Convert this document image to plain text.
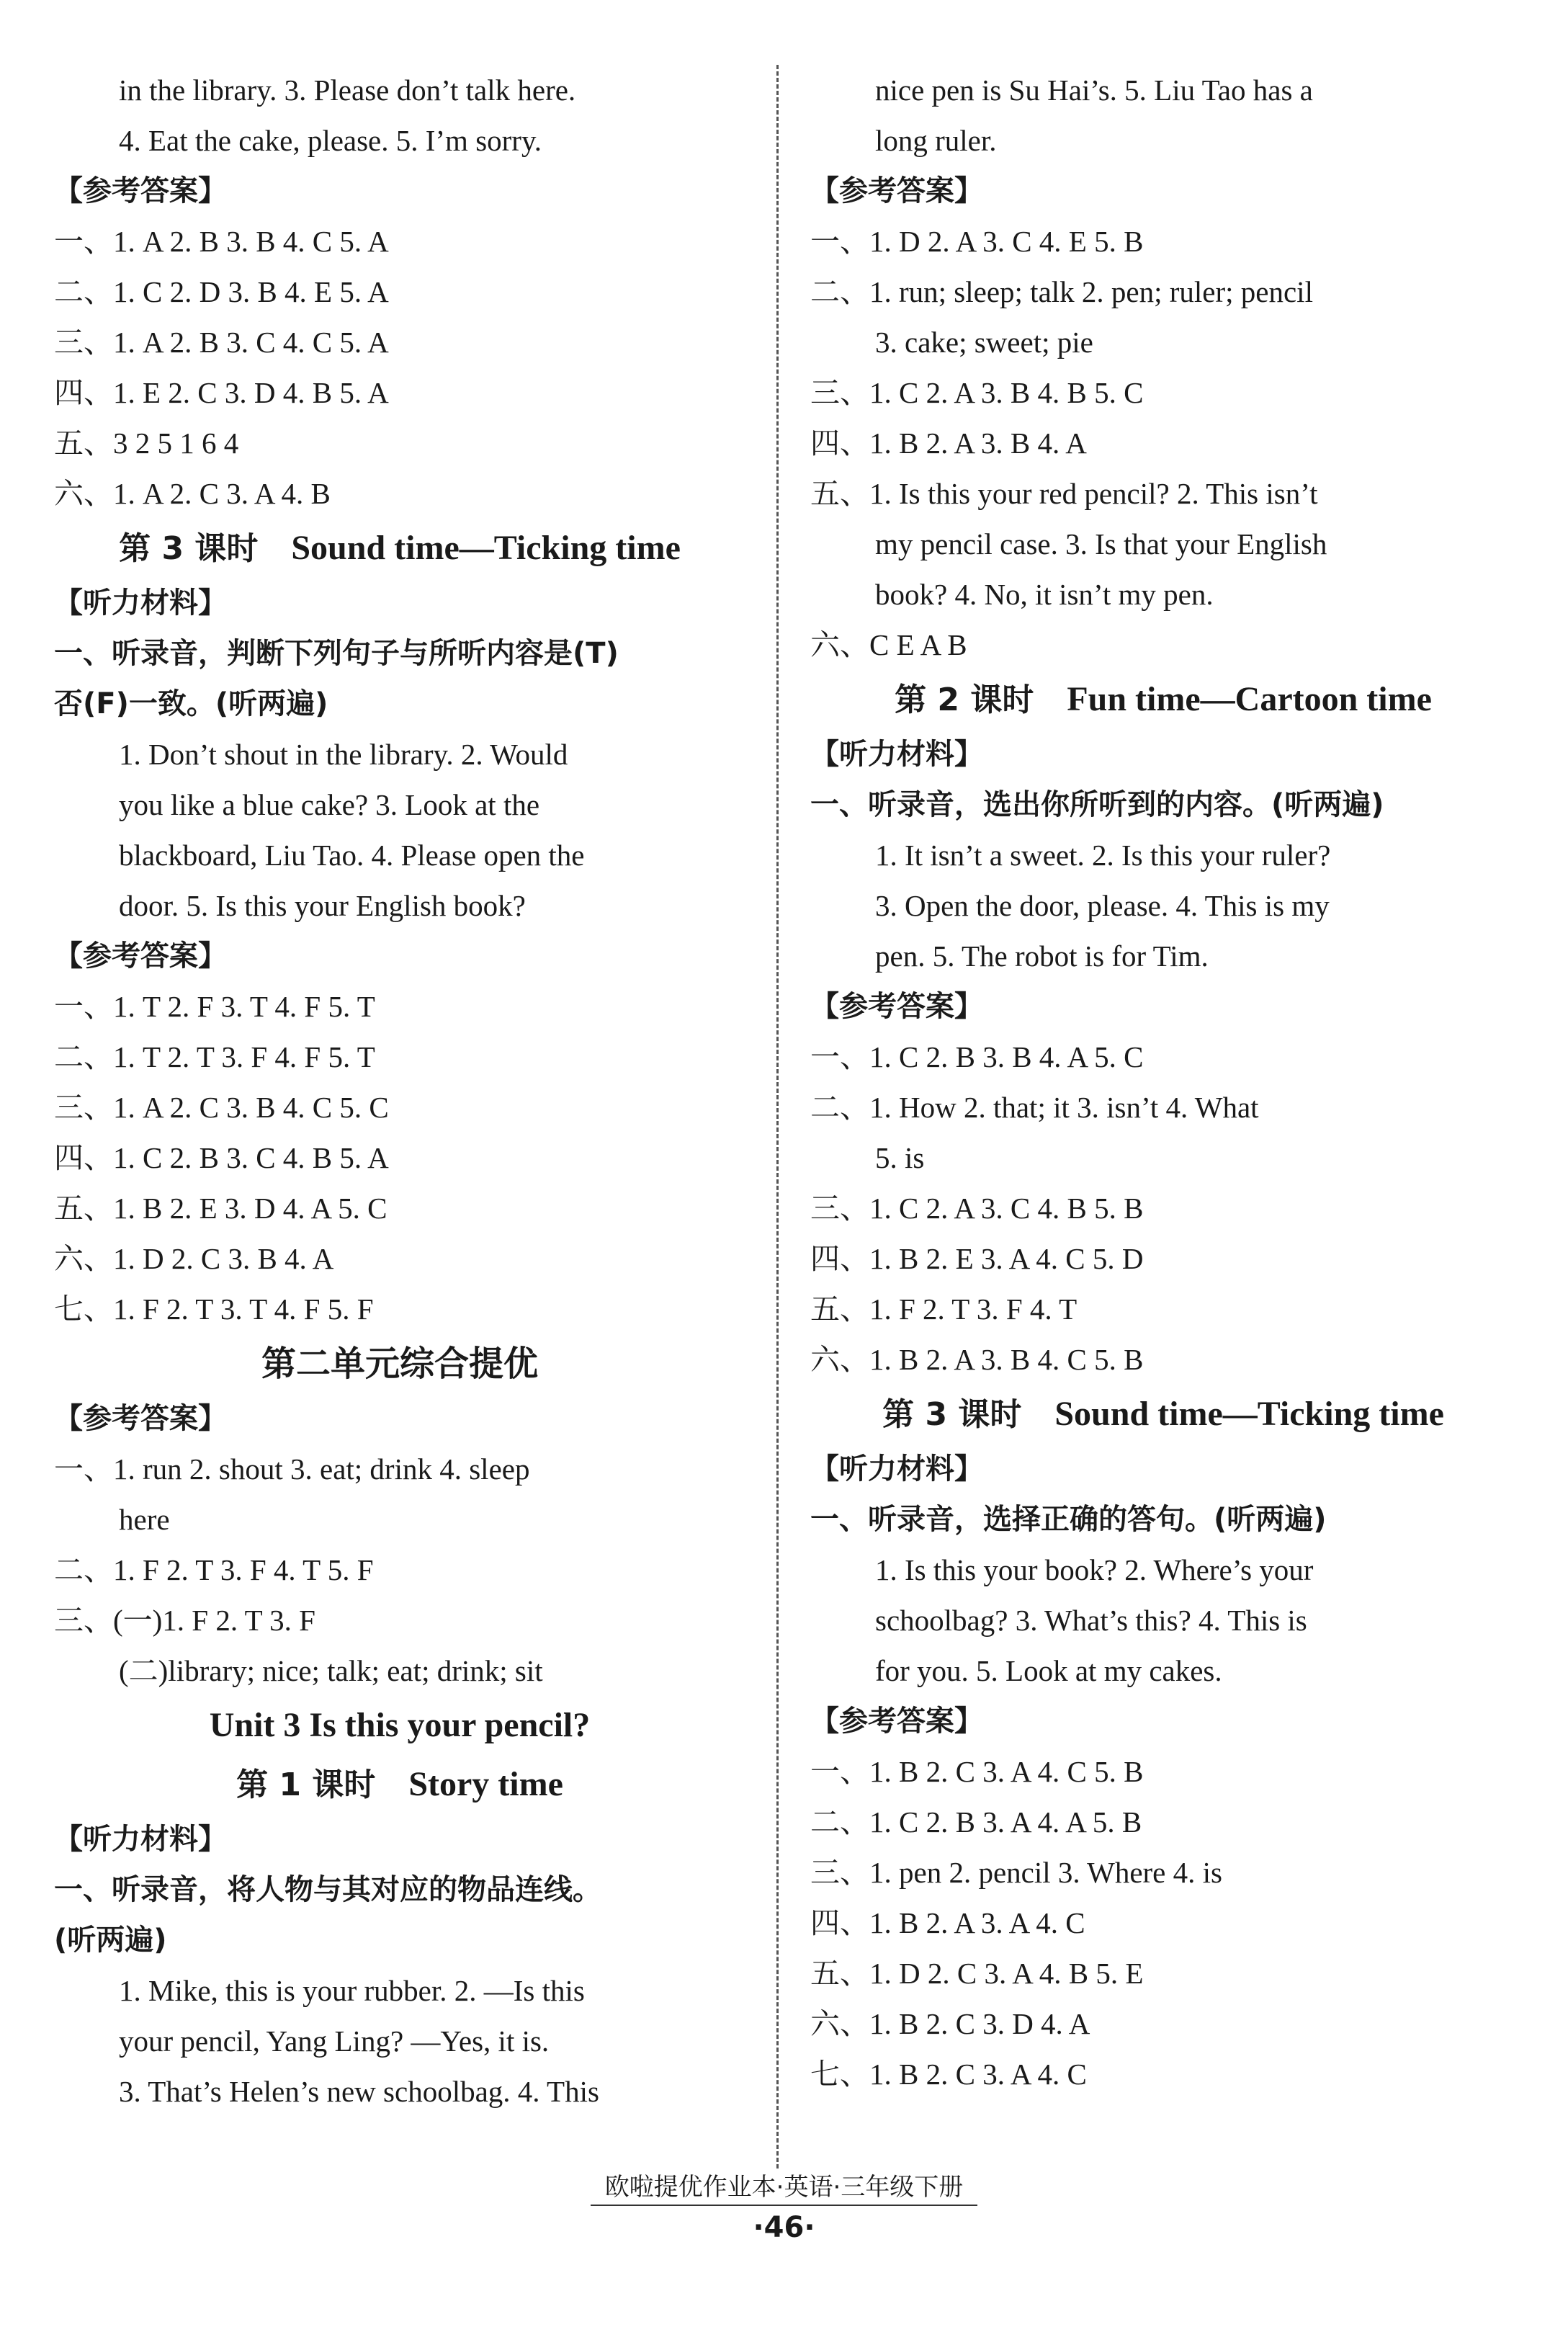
in the library. 3. Please don’t talk here.
4. Eat the cake, please. 5. I’m sorry.
【参考答案】
一、1. A 2. B 3. B 4. C 5. A
二、1. C 2. D 3. B 4. E 5. A
三、1. A 2. B 3. C 4. C 5. A
四、1. E 2. C 3. D 4. B 5. A
五、3 2 5 1 6 4
六、1. A 2. C 3. A 4. B
第 3 课时 Sound time—Ticking time
【听力材料】
一、听录音，判断下列句子与所听内容是(T)
否(F)一致。(听两遍)
1. Don’t shout in the library. 2. Would
you like a blue cake? 3. Look at the
blackboard, Liu Tao. 4. Please open the
door. 5. Is this your English book?
【参考答案】
一、1. T 2. F 3. T 4. F 5. T
二、1. T 2. T 3. F 4. F 5. T
三、1. A 2. C 3. B 4. C 5. C
四、1. C 2. B 3. C 4. B 5. A
五、1. B 2. E 3. D 4. A 5. C
六、1. D 2. C 3. B 4. A
七、1. F 2. T 3. T 4. F 5. F
第二单元综合提优
【参考答案】
一、1. run 2. shout 3. eat; drink 4. sleep
here
二、1. F 2. T 3. F 4. T 5. F
三、(一)1. F 2. T 3. F
(二)library; nice; talk; eat; drink; sit
Unit 3 Is this your pencil?
第 1 课时 Story time
【听力材料】
一、听录音，将人物与其对应的物品连线。
(听两遍)
1. Mike, this is your rubber. 2. —Is this
your pencil, Yang Ling? —Yes, it is.
3. That’s Helen’s new schoolbag. 4. This
nice pen is Su Hai’s. 5. Liu Tao has a
long ruler.
【参考答案】
一、1. D 2. A 3. C 4. E 5. B
二、1. run; sleep; talk 2. pen; ruler; pencil
3. cake; sweet; pie
三、1. C 2. A 3. B 4. B 5. C
四、1. B 2. A 3. B 4. A
五、1. Is this your red pencil? 2. This isn’t
my pencil case. 3. Is that your English
book? 4. No, it isn’t my pen.
六、C E A B
第 2 课时 Fun time—Cartoon time
【听力材料】
一、听录音，选出你所听到的内容。(听两遍)
1. It isn’t a sweet. 2. Is this your ruler?
3. Open the door, please. 4. This is my
pen. 5. The robot is for Tim.
【参考答案】
一、1. C 2. B 3. B 4. A 5. C
二、1. How 2. that; it 3. isn’t 4. What
5. is
三、1. C 2. A 3. C 4. B 5. B
四、1. B 2. E 3. A 4. C 5. D
五、1. F 2. T 3. F 4. T
六、1. B 2. A 3. B 4. C 5. B
第 3 课时 Sound time—Ticking time
【听力材料】
一、听录音，选择正确的答句。(听两遍)
1. Is this your book? 2. Where’s your
schoolbag? 3. What’s this? 4. This is
for you. 5. Look at my cakes.
【参考答案】
一、1. B 2. C 3. A 4. C 5. B
二、1. C 2. B 3. A 4. A 5. B
三、1. pen 2. pencil 3. Where 4. is
四、1. B 2. A 3. A 4. C
五、1. D 2. C 3. A 4. B 5. E
六、1. B 2. C 3. D 4. A
七、1. B 2. C 3. A 4. C
欧啦提优作业本·英语·三年级下册
·46·
